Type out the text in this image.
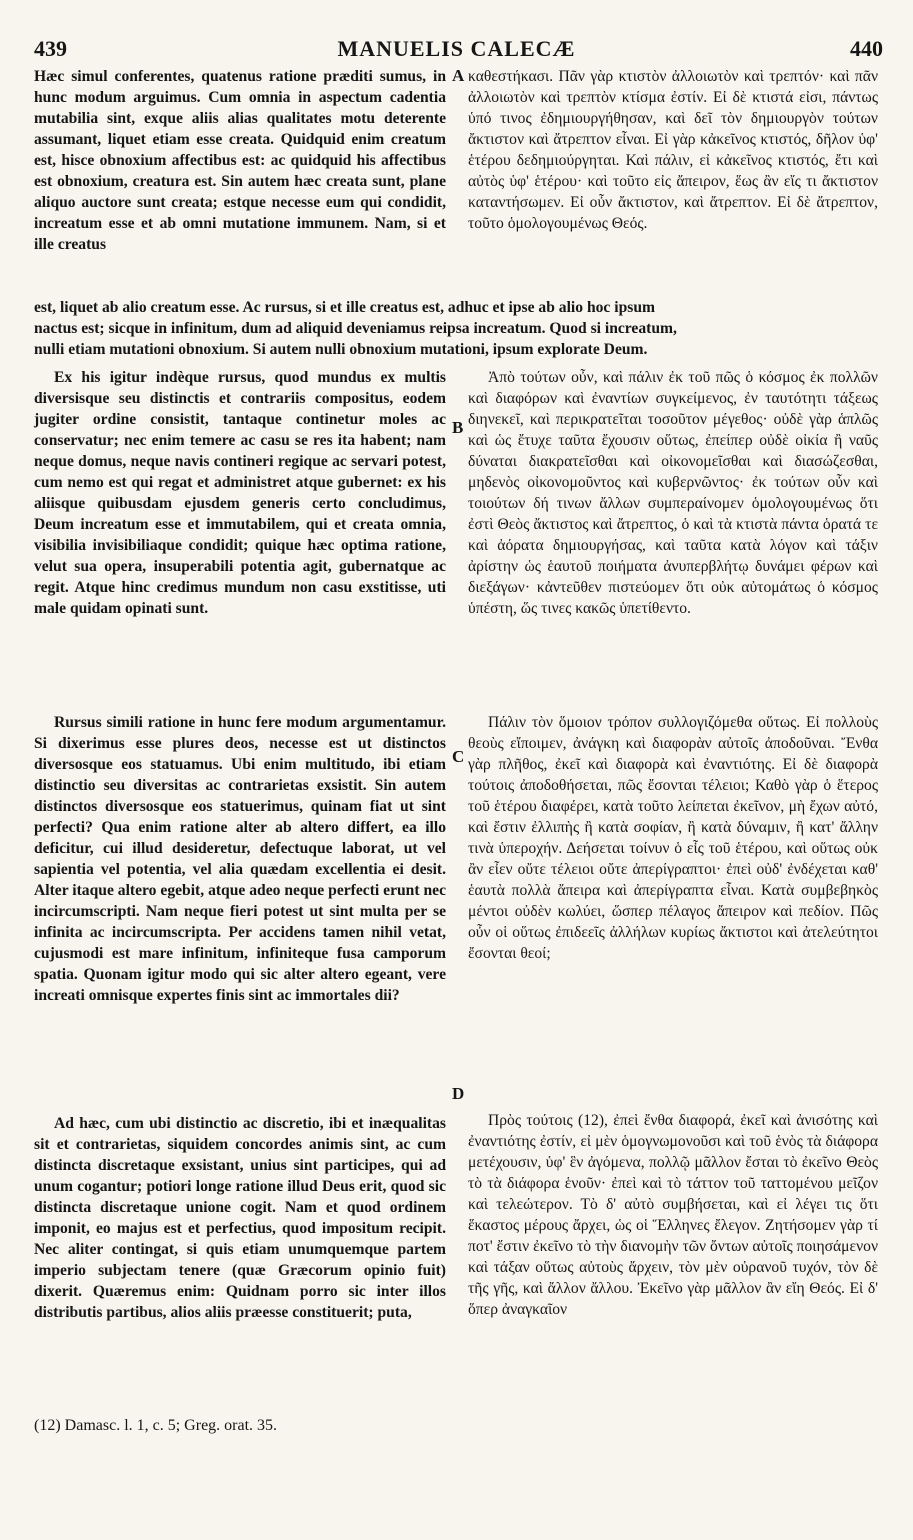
439	MANUELIS CALECÆ	440

Hæc simul conferentes, quatenus ratione præditi sumus, in hunc modum arguimus. Cum omnia in aspectum cadentia mutabilia sint, exque aliis alias qualitates motu deterente assumant, liquet etiam esse creata. Quidquid enim creatum est, hisce obnoxium affectibus est: ac quidquid his affectibus est obnoxium, creatura est. Sin autem hæc creata sunt, plane aliquo auctore sunt creata; estque necesse eum qui condidit, increatum esse et ab omni mutatione immunem. Nam, si et ille creatus

καθεστήκασι. Πᾶν γὰρ κτιστὸν ἀλλοιωτὸν καὶ τρεπτόν· καὶ πᾶν ἀλλοιωτὸν καὶ τρεπτὸν κτίσμα ἐστίν. Εἰ δὲ κτιστά εἰσι, πάντως ὑπό τινος ἐδημιουργήθησαν, καὶ δεῖ τὸν δημιουργὸν τούτων ἄκτιστον καὶ ἄτρεπτον εἶναι. Εἰ γὰρ κἀκεῖνος κτιστός, δῆλον ὑφ' ἑτέρου δεδημιούργηται. Καὶ πάλιν, εἰ κἀκεῖνος κτιστός, ἔτι καὶ αὐτὸς ὑφ' ἑτέρου· καὶ τοῦτο εἰς ἄπειρον, ἕως ἂν εἴς τι ἄκτιστον καταντήσωμεν. Εἰ οὖν ἄκτιστον, καὶ ἄτρεπτον. Εἰ δὲ ἄτρεπτον, τοῦτο ὁμολογουμένως Θεός.

est, liquet ab alio creatum esse. Ac rursus, si et ille creatus est, adhuc et ipse ab alio hoc ipsum

nactus est; sicque in infinitum, dum ad aliquid deveniamus reipsa increatum. Quod si increatum,

nulli etiam mutationi obnoxium. Si autem nulli obnoxium mutationi, ipsum explorate Deum.

Ex his igitur indèque rursus, quod mundus ex multis diversisque seu distinctis et contrariis compositus, eodem jugiter ordine consistit, tantaque continetur moles ac conservatur; nec enim temere ac casu se res ita habent; nam neque domus, neque navis contineri regique ac servari potest, cum nemo est qui regat et administret atque gubernet: ex his aliisque quibusdam ejusdem generis certo concludimus, Deum increatum esse et immutabilem, qui et creata omnia, visibilia invisibiliaque condidit; quique hæc optima ratione, velut sua opera, insuperabili potentia agit, gubernatque ac regit. Atque hinc credimus mundum non casu exstitisse, uti male quidam opinati sunt.

Rursus simili ratione in hunc fere modum argumentamur. Si dixerimus esse plures deos, necesse est ut distinctos diversosque eos statuamus. Ubi enim multitudo, ibi etiam distinctio seu diversitas ac contrarietas exsistit. Sin autem distinctos diversosque eos statuerimus, quinam fiat ut sint perfecti? Qua enim ratione alter ab altero differt, ea illo deficitur, cui illud desideretur, defectuque laborat, ut vel sapientia vel potentia, vel alia quædam excellentia ei desit. Alter itaque altero egebit, atque adeo neque perfecti erunt nec incircumscripti. Nam neque fieri potest ut sint multa per se infinita ac incircumscripta. Per accidens tamen nihil vetat, cujusmodi est mare infinitum, infiniteque fusa camporum spatia. Quonam igitur modo qui sic alter altero egeant, vere increati omnisque expertes finis sint ac immortales dii?

Ad hæc, cum ubi distinctio ac discretio, ibi et inæqualitas sit et contrarietas, siquidem concordes animis sint, ac cum distincta discretaque exsistant, unius sint participes, qui ad unum cogantur; potiori longe ratione illud Deus erit, quod sic distincta discretaque unione cogit. Nam et quod ordinem imponit, eo majus est et perfectius, quod impositum recipit. Nec aliter contingat, si quis etiam unumquemque partem imperio subjectam tenere (quæ Græcorum opinio fuit) dixerit. Quæremus enim: Quidnam porro sic inter illos distributis partibus, alios aliis præesse constituerit; puta,

Ἀπὸ τούτων οὖν, καὶ πάλιν ἐκ τοῦ πῶς ὁ κόσμος ἐκ πολλῶν καὶ διαφόρων καὶ ἐναντίων συγκείμενος, ἐν ταυτότητι τάξεως διηνεκεῖ, καὶ περικρατεῖται τοσοῦτον μέγεθος· οὐδὲ γὰρ ἁπλῶς καὶ ὡς ἔτυχε ταῦτα ἔχουσιν οὕτως, ἐπείπερ οὐδὲ οἰκία ἢ ναῦς δύναται διακρατεῖσθαι καὶ οἰκονομεῖσθαι καὶ διασώζεσθαι, μηδενὸς οἰκονομοῦντος καὶ κυβερνῶντος· ἐκ τούτων οὖν καὶ τοιούτων δή τινων ἄλλων συμπεραίνομεν ὁμολογουμένως ὅτι ἐστὶ Θεὸς ἄκτιστος καὶ ἄτρεπτος, ὁ καὶ τὰ κτιστὰ πάντα ὁρατά τε καὶ ἀόρατα δημιουργήσας, καὶ ταῦτα κατὰ λόγον καὶ τάξιν ἀρίστην ὡς ἑαυτοῦ ποιήματα ἀνυπερβλήτῳ δυνάμει φέρων καὶ διεξάγων· κἀντεῦθεν πιστεύομεν ὅτι οὐκ αὐτομάτως ὁ κόσμος ὑπέστη, ὥς τινες κακῶς ὑπετίθεντο.

Πάλιν τὸν ὅμοιον τρόπον συλλογιζόμεθα οὕτως. Εἰ πολλοὺς θεοὺς εἴποιμεν, ἀνάγκη καὶ διαφορὰν αὐτοῖς ἀποδοῦναι. Ἔνθα γὰρ πλῆθος, ἐκεῖ καὶ διαφορὰ καὶ ἐναντιότης. Εἰ δὲ διαφορὰ τούτοις ἀποδοθήσεται, πῶς ἔσονται τέλειοι; Καθὸ γὰρ ὁ ἕτερος τοῦ ἑτέρου διαφέρει, κατὰ τοῦτο λείπεται ἐκεῖνον, μὴ ἔχων αὐτό, καὶ ἔστιν ἐλλιπὴς ἢ κατὰ σοφίαν, ἢ κατὰ δύναμιν, ἢ κατ' ἄλλην τινὰ ὑπεροχήν. Δεήσεται τοίνυν ὁ εἷς τοῦ ἑτέρου, καὶ οὕτως οὐκ ἂν εἶεν οὔτε τέλειοι οὔτε ἀπερίγραπτοι· ἐπεὶ οὐδ' ἐνδέχεται καθ' ἑαυτὰ πολλὰ ἄπειρα καὶ ἀπερίγραπτα εἶναι. Κατὰ συμβεβηκὸς μέντοι οὐδὲν κωλύει, ὥσπερ πέλαγος ἄπειρον καὶ πεδίον. Πῶς οὖν οἱ οὕτως ἐπιδεεῖς ἀλλήλων κυρίως ἄκτιστοι καὶ ἀτελεύτητοι ἔσονται θεοί;

Πρὸς τούτοις (12), ἐπεὶ ἔνθα διαφορά, ἐκεῖ καὶ ἀνισότης καὶ ἐναντιότης ἐστίν, εἰ μὲν ὁμογνωμονοῦσι καὶ τοῦ ἑνὸς τὰ διάφορα μετέχουσιν, ὑφ' ἓν ἀγόμενα, πολλῷ μᾶλλον ἔσται τὸ ἐκεῖνο Θεὸς τὸ τὰ διάφορα ἑνοῦν· ἐπεὶ καὶ τὸ τάττον τοῦ ταττομένου μεῖζον καὶ τελεώτερον. Τὸ δ' αὐτὸ συμβήσεται, καὶ εἰ λέγει τις ὅτι ἕκαστος μέρους ἄρχει, ὡς οἱ Ἕλληνες ἔλεγον. Ζητήσομεν γὰρ τί ποτ' ἔστιν ἐκεῖνο τὸ τὴν διανομὴν τῶν ὄντων αὐτοῖς ποιησάμενον καὶ τάξαν οὕτως αὐτοὺς ἄρχειν, τὸν μὲν οὐρανοῦ τυχόν, τὸν δὲ τῆς γῆς, καὶ ἄλλον ἄλλου. Ἐκεῖνο γὰρ μᾶλλον ἂν εἴη Θεός. Εἰ δ' ὅπερ ἀναγκαῖον

A
B
C
D
(12) Damasc. l. 1, c. 5; Greg. orat. 35.
